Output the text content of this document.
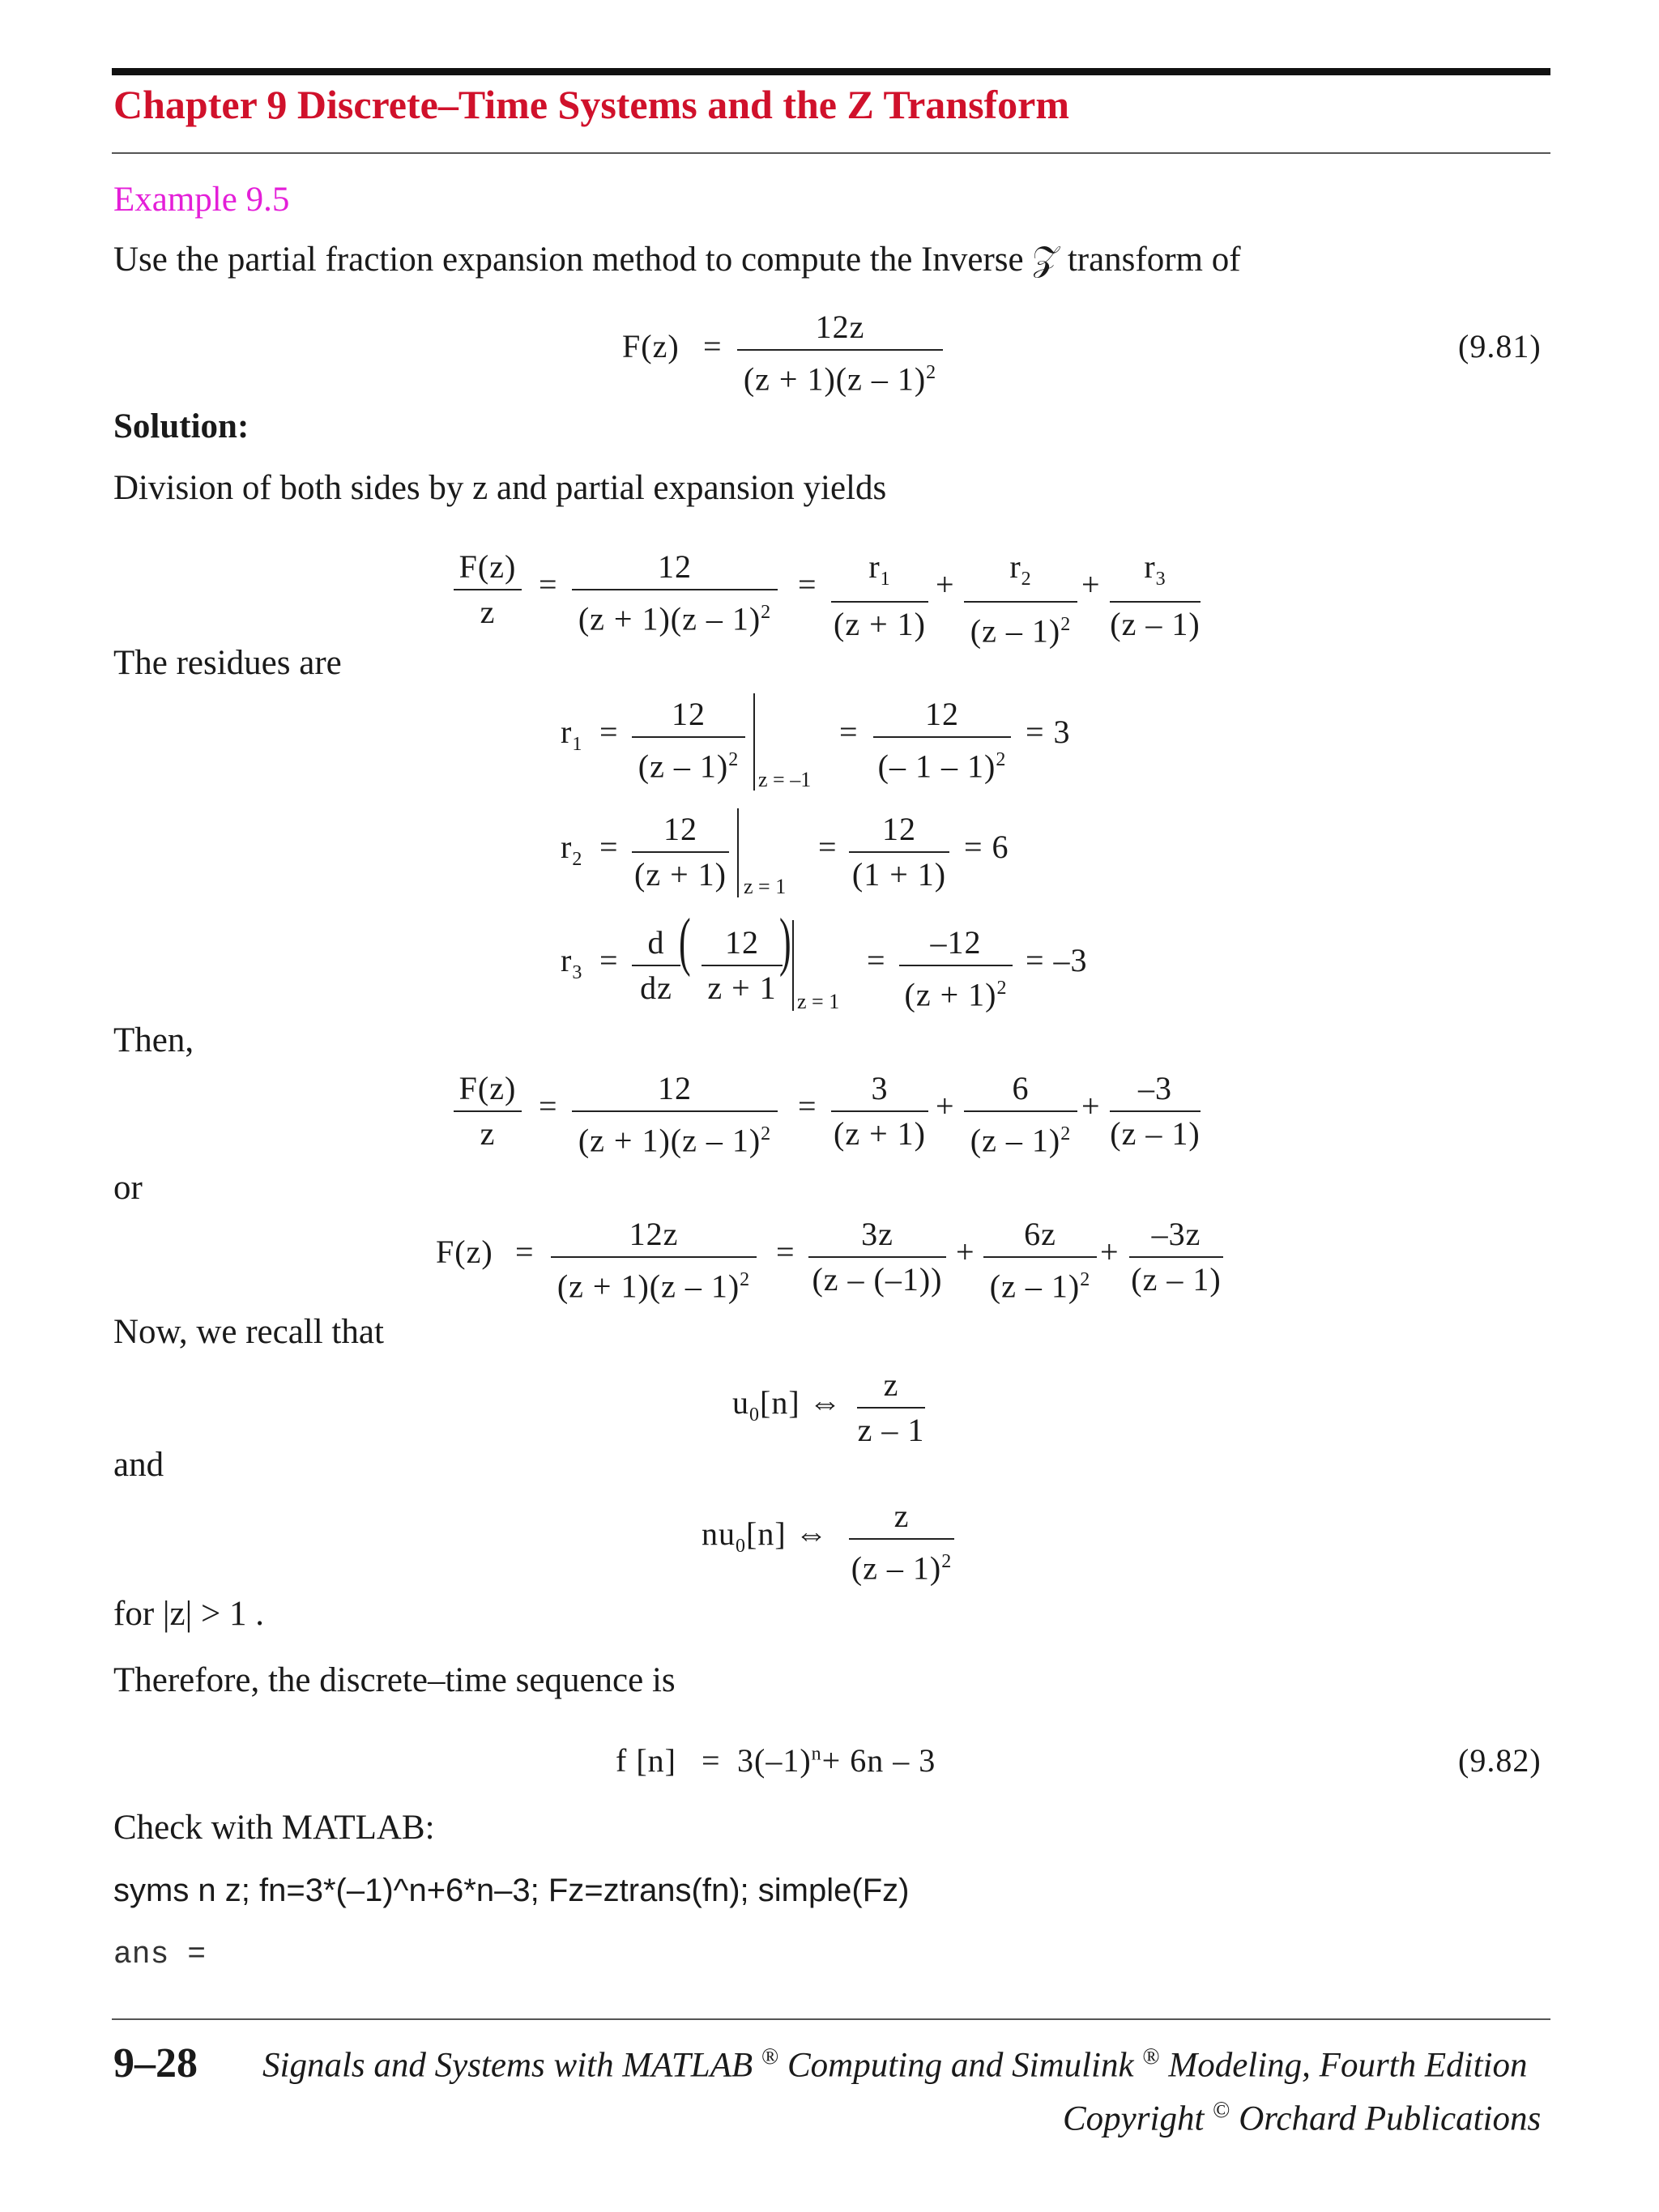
Chapter 9 Discrete–Time Systems and the Z Transform
Example 9.5
Use the partial fraction expansion method to compute the Inverse 𝒵 transform of
F(z) =
12z
(z + 1)(z – 1)$^2$
(9.81)
Solution:
Division of both sides by z and partial expansion yields
F(z)
z
=	12
(z + 1)(z – 1)$^2$
= $r_1$
(z + 1)
+ $r_2$
(z – 1)$^2$
+ $r_3$
(z – 1)
The residues are
$r_1 = 12$
(z – 1)$^2$
z = –1
= 12
(– 1 – 1)$^2$
= 3
$r_2 = 12$
(z + 1) z = 1
= 12
(1 + 1)
= 6
$r_3 = d$
dz
( 12
z + 1
)
z = 1
= –12
$(z + 1)^2$
= –3
Then,
F(z)
z
=	12
(z + 1)(z – 1)$^2$
= 3
(z + 1)
+ 6
(z – 1)$^2$
+ –3
(z – 1)
or
F(z) =	12z
(z + 1)(z – 1)$^2$
= 3z
(z – (–1))
+ 6z
(z – 1)$^2$
+ –3z
(z – 1)
Now, we recall that
$u_0[n]$ ⇔ z
z – 1
and
$nu_0[n]$ ⇔ z
(z – 1)$^2$
for |z| > 1 .
Therefore, the discrete–time sequence is
f $[n] = 3(-1)^n+ 6n - 3$	(9.82)
Check with MATLAB:
syms n z; fn=3*(–1)^n+6*n–3; Fz=ztrans(fn); simple(Fz)
ans =
9–28 Signals and Systems with MATLAB ® Computing and Simulink ® Modeling, Fourth Edition
Copyright © Orchard Publications
